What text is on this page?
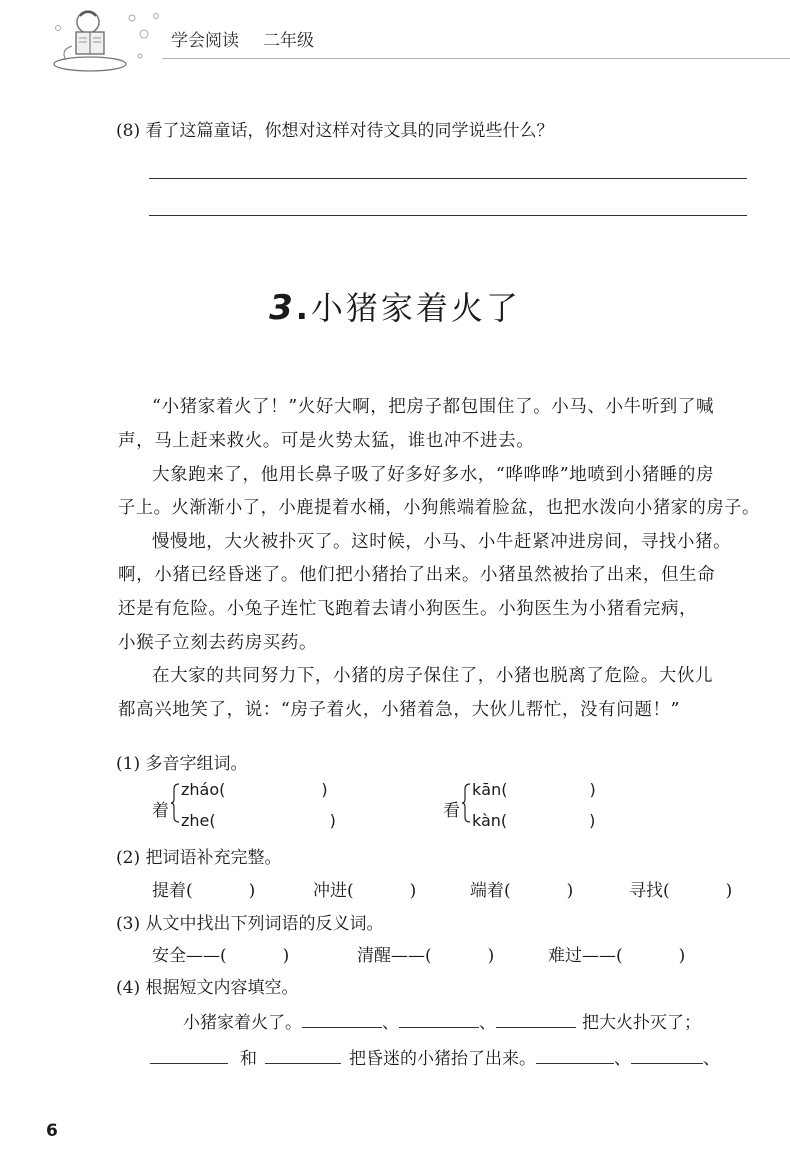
学会阅读 二年级
(8) 看了这篇童话，你想对这样对待文具的同学说些什么？
3.小猪家着火了
“小猪家着火了！”火好大啊，把房子都包围住了。小马、小牛听到了喊
声，马上赶来救火。可是火势太猛，谁也冲不进去。
大象跑来了，他用长鼻子吸了好多好多水，“哗哗哗”地喷到小猪睡的房
子上。火渐渐小了，小鹿提着水桶，小狗熊端着脸盆，也把水泼向小猪家的房子。
慢慢地，大火被扑灭了。这时候，小马、小牛赶紧冲进房间，寻找小猪。
啊，小猪已经昏迷了。他们把小猪抬了出来。小猪虽然被抬了出来，但生命
还是有危险。小兔子连忙飞跑着去请小狗医生。小狗医生为小猪看完病，
小猴子立刻去药房买药。
在大家的共同努力下，小猪的房子保住了，小猪也脱离了危险。大伙儿
都高兴地笑了，说：“房子着火，小猪着急，大伙儿帮忙，没有问题！”
(1) 多音字组词。
着
zháo(	)
zhe(	)	看
kān(	)
kàn(	)
(2) 把词语补充完整。
提着(	)	冲进(	)	端着(	)	寻找(	)
(3) 从文中找出下列词语的反义词。
安全——(	)	清醒——(	)	难过——(	)
(4) 根据短文内容填空。
小猪家着火了。	、	、	把大火扑灭了；
和	把昏迷的小猪抬了出来。	、	、
6
